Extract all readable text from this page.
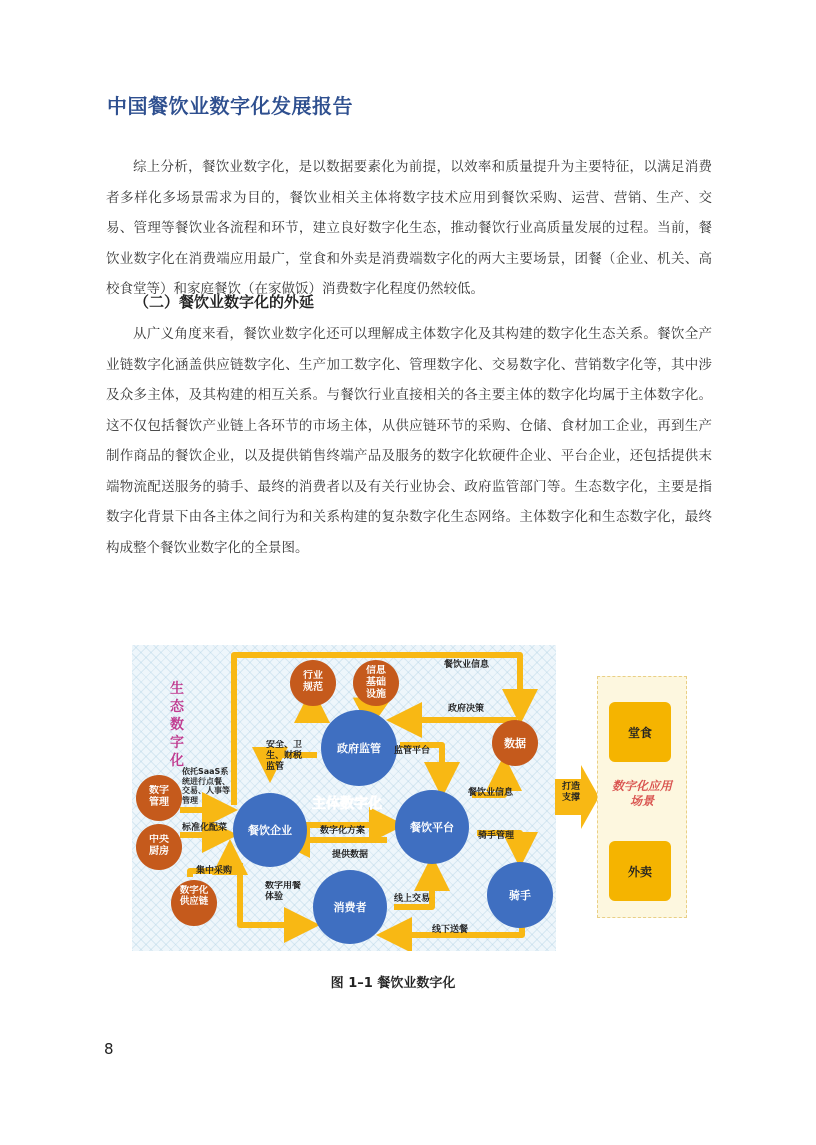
中国餐饮业数字化发展报告

综上分析，餐饮业数字化，是以数据要素化为前提，以效率和质量提升为主要特征，以满足消费者多样化多场景需求为目的，餐饮业相关主体将数字技术应用到餐饮采购、运营、营销、生产、交易、管理等餐饮业各流程和环节，建立良好数字化生态，推动餐饮行业高质量发展的过程。当前，餐饮业数字化在消费端应用最广，堂食和外卖是消费端数字化的两大主要场景，团餐（企业、机关、高校食堂等）和家庭餐饮（在家做饭）消费数字化程度仍然较低。

（二）餐饮业数字化的外延

从广义角度来看，餐饮业数字化还可以理解成主体数字化及其构建的数字化生态关系。餐饮全产业链数字化涵盖供应链数字化、生产加工数字化、管理数字化、交易数字化、营销数字化等，其中涉及众多主体，及其构建的相互关系。与餐饮行业直接相关的各主要主体的数字化均属于主体数字化。这不仅包括餐饮产业链上各环节的市场主体，从供应链环节的采购、仓储、食材加工企业，再到生产制作商品的餐饮企业，以及提供销售终端产品及服务的数字化软硬件企业、平台企业，还包括提供末端物流配送服务的骑手、最终的消费者以及有关行业协会、政府监管部门等。生态数字化，主要是指数字化背景下由各主体之间行为和关系构建的复杂数字化生态网络。主体数字化和生态数字化，最终构成整个餐饮业数字化的全景图。

生
态
数
字
化
主体数字化
政府监管
餐饮企业	餐饮平台
消费者
骑手
数据
行业规范
信息基础设施
数字管理
中央厨房
数字化供应链
餐饮业信息
政府决策
监管平台
餐饮业信息
数字化方案
提供数据
骑手管理
标准化配菜
集中采购
线上交易
线下送餐
安全、卫生、财税监管
依托SaaS系统进行点餐、交易、人事等管理
数字用餐体验
打造支撑
堂食
数字化应用场景
外卖
图 1–1 餐饮业数字化
8
